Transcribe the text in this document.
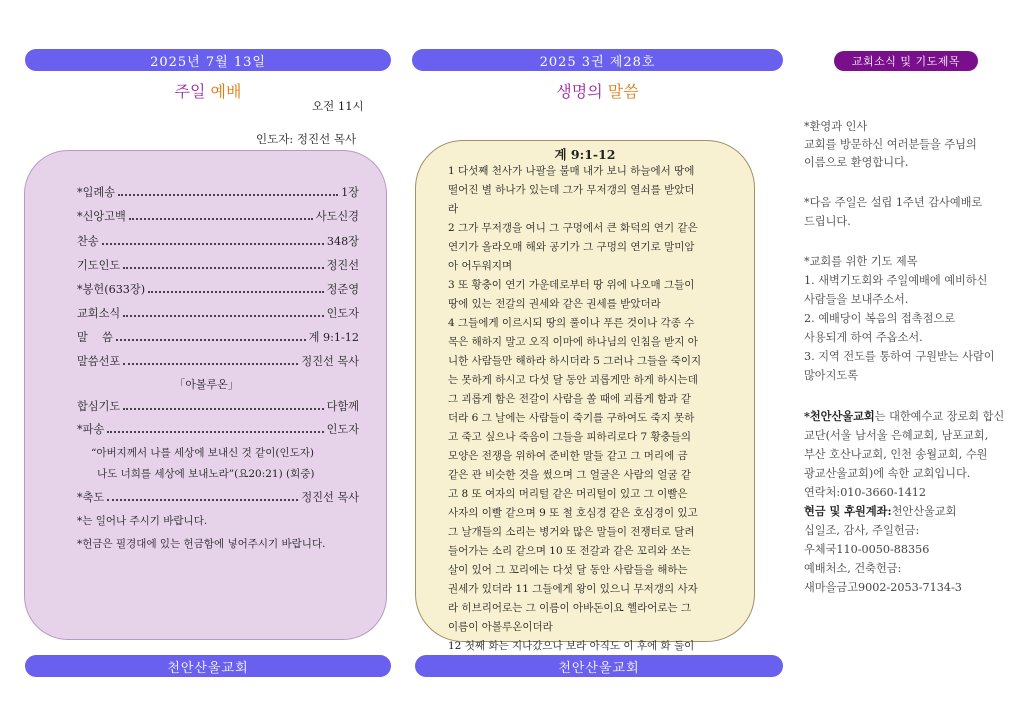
2025년 7월 13일
주일 예배
오전 11시
인도자: 정진선 목사
*입례송	1장
*신앙고백	사도신경
찬송	348장
기도인도	정진선
*봉헌(633장)	정준영
교회소식	인도자
말    씀	계 9:1-12
말씀선포	정진선 목사
「아볼루온」
합심기도	다함께
*파송	인도자
“아버지께서 나를 세상에 보내신 것 같이(인도자)
나도 너희를 세상에 보내노라”(요20:21) (회중)
*축도	정진선 목사
*는 일어나 주시기 바랍니다.
*헌금은 필경대에 있는 헌금함에 넣어주시기 바랍니다.
천안산울교회
2025 3권 제28호
생명의 말씀
계 9:1-12
1 다섯째 천사가 나팔을 불매 내가 보니 하늘에서 땅에
떨어진 별 하나가 있는데 그가 무저갱의 열쇠를 받았더
라
2 그가 무저갱을 여니 그 구멍에서 큰 화덕의 연기 같은
연기가 올라오매 해와 공기가 그 구멍의 연기로 말미암
아 어두워지며
3 또 황충이 연기 가운데로부터 땅 위에 나오매 그들이
땅에 있는 전갈의 권세와 같은 권세를 받았더라
4 그들에게 이르시되 땅의 풀이나 푸른 것이나 각종 수
목은 해하지 말고 오직 이마에 하나님의 인침을 받지 아
니한 사람들만 해하라 하시더라 5 그러나 그들을 죽이지
는 못하게 하시고 다섯 달 동안 괴롭게만 하게 하시는데
그 괴롭게 함은 전갈이 사람을 쏠 때에 괴롭게 함과 같
더라 6 그 날에는 사람들이 죽기를 구하여도 죽지 못하
고 죽고 싶으나 죽음이 그들을 피하리로다 7 황충들의
모양은 전쟁을 위하여 준비한 말들 같고 그 머리에 금
같은 관 비슷한 것을 썼으며 그 얼굴은 사람의 얼굴 같
고 8 또 여자의 머리털 같은 머리털이 있고 그 이빨은
사자의 이빨 같으며 9 또 철 호심경 같은 호심경이 있고
그 날개들의 소리는 병거와 많은 말들이 전쟁터로 달려
들어가는 소리 같으며 10 또 전갈과 같은 꼬리와 쏘는
살이 있어 그 꼬리에는 다섯 달 동안 사람들을 해하는
권세가 있더라 11 그들에게 왕이 있으니 무저갱의 사자
라 히브리어로는 그 이름이 아바돈이요 헬라어로는 그
이름이 아볼루온이더라
12 첫째 화는 지나갔으나 보라 아직도 이 후에 화 둘이
천안산울교회
교회소식 및 기도제목
*환영과 인사
교회를 방문하신 여러분들을 주님의
이름으로 환영합니다.
*다음 주일은 설립 1주년 감사예배로
드립니다.
*교회를 위한 기도 제목
1. 새벽기도회와 주일예배에 예비하신
사람들을 보내주소서.
2. 예배당이 복음의 접촉점으로
사용되게 하여 주옵소서.
3. 지역 전도를 통하여 구원받는 사람이
많아지도록
*천안산울교회는 대한예수교 장로회 합신
교단(서울 남서울 은혜교회, 남포교회,
부산 호산나교회, 인천 송월교회, 수원
광교산울교회)에 속한 교회입니다.
연락처:010-3660-1412
현금 및 후원계좌:천안산울교회
십일조, 감사, 주일헌금:
우체국110-0050-88356
예배처소, 건축헌금:
새마을금고9002-2053-7134-3
